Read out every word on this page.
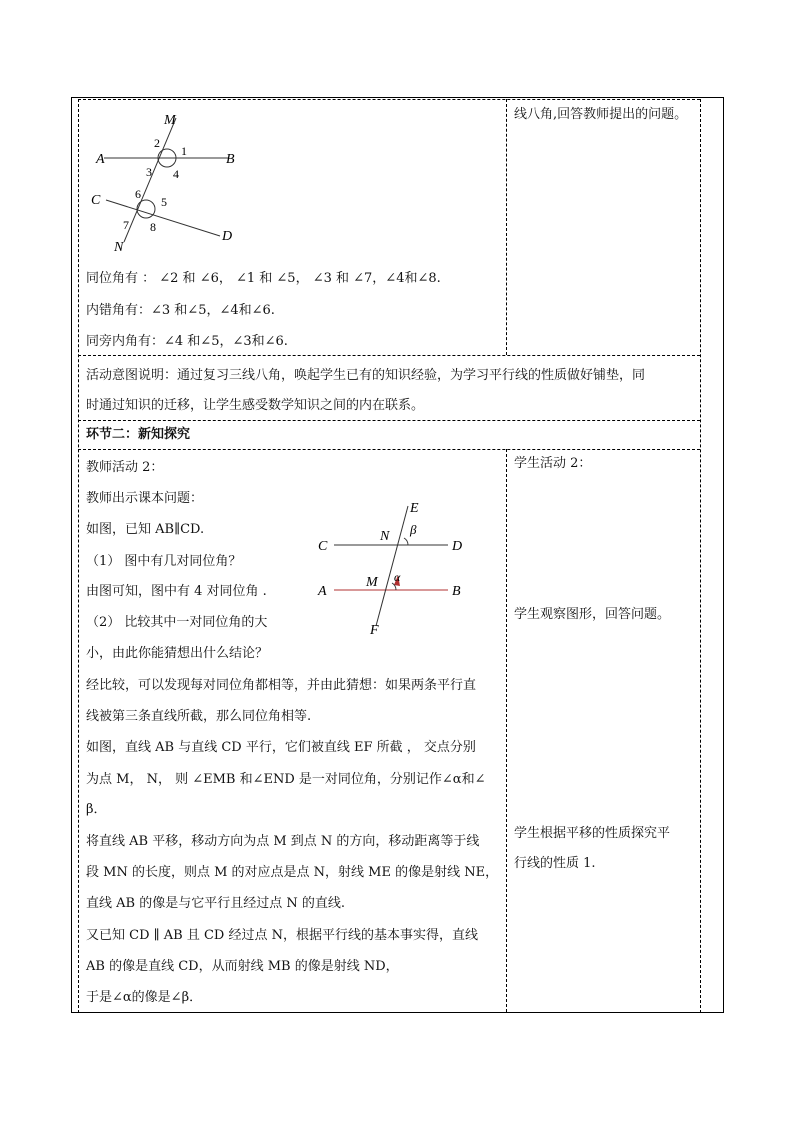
M
A	B
C
D
N
1
2
3 4
5
6
7 8
同位角有 ： ∠2 和 ∠6， ∠1 和 ∠5， ∠3 和 ∠7，∠4和∠8.
内错角有：∠3 和∠5，∠4和∠6.
同旁内角有：∠4 和∠5，∠3和∠6.
线八角,回答教师提出的问题。
活动意图说明：通过复习三线八角，唤起学生已有的知识经验，为学习平行线的性质做好铺垫，同
时通过知识的迁移，让学生感受数学知识之间的内在联系。
环节二：新知探究
教师活动 2：
教师出示课本问题：
如图，已知 AB∥CD.
（1） 图中有几对同位角？
由图可知，图中有 4 对同位角 .
（2） 比较其中一对同位角的大
小，由此你能猜想出什么结论？
经比较，可以发现每对同位角都相等，并由此猜想：如果两条平行直
线被第三条直线所截，那么同位角相等.
如图，直线 AB 与直线 CD 平行，它们被直线 EF 所截 ， 交点分别
为点 M， N， 则 ∠EMB 和∠END 是一对同位角，分别记作∠α和∠
β．
将直线 AB 平移，移动方向为点 M 到点 N 的方向，移动距离等于线
段 MN 的长度，则点 M 的对应点是点 N，射线 ME 的像是射线 NE，
直线 AB 的像是与它平行且经过点 N 的直线.
又已知 CD ∥ AB 且 CD 经过点 N，根据平行线的基本事实得，直线
AB 的像是直线 CD，从而射线 MB 的像是射线 ND，
于是∠α的像是∠β．
E
F
C	D
A	B
N
M
β
α
学生活动 2：
学生观察图形，回答问题。
学生根据平移的性质探究平
行线的性质 1.
